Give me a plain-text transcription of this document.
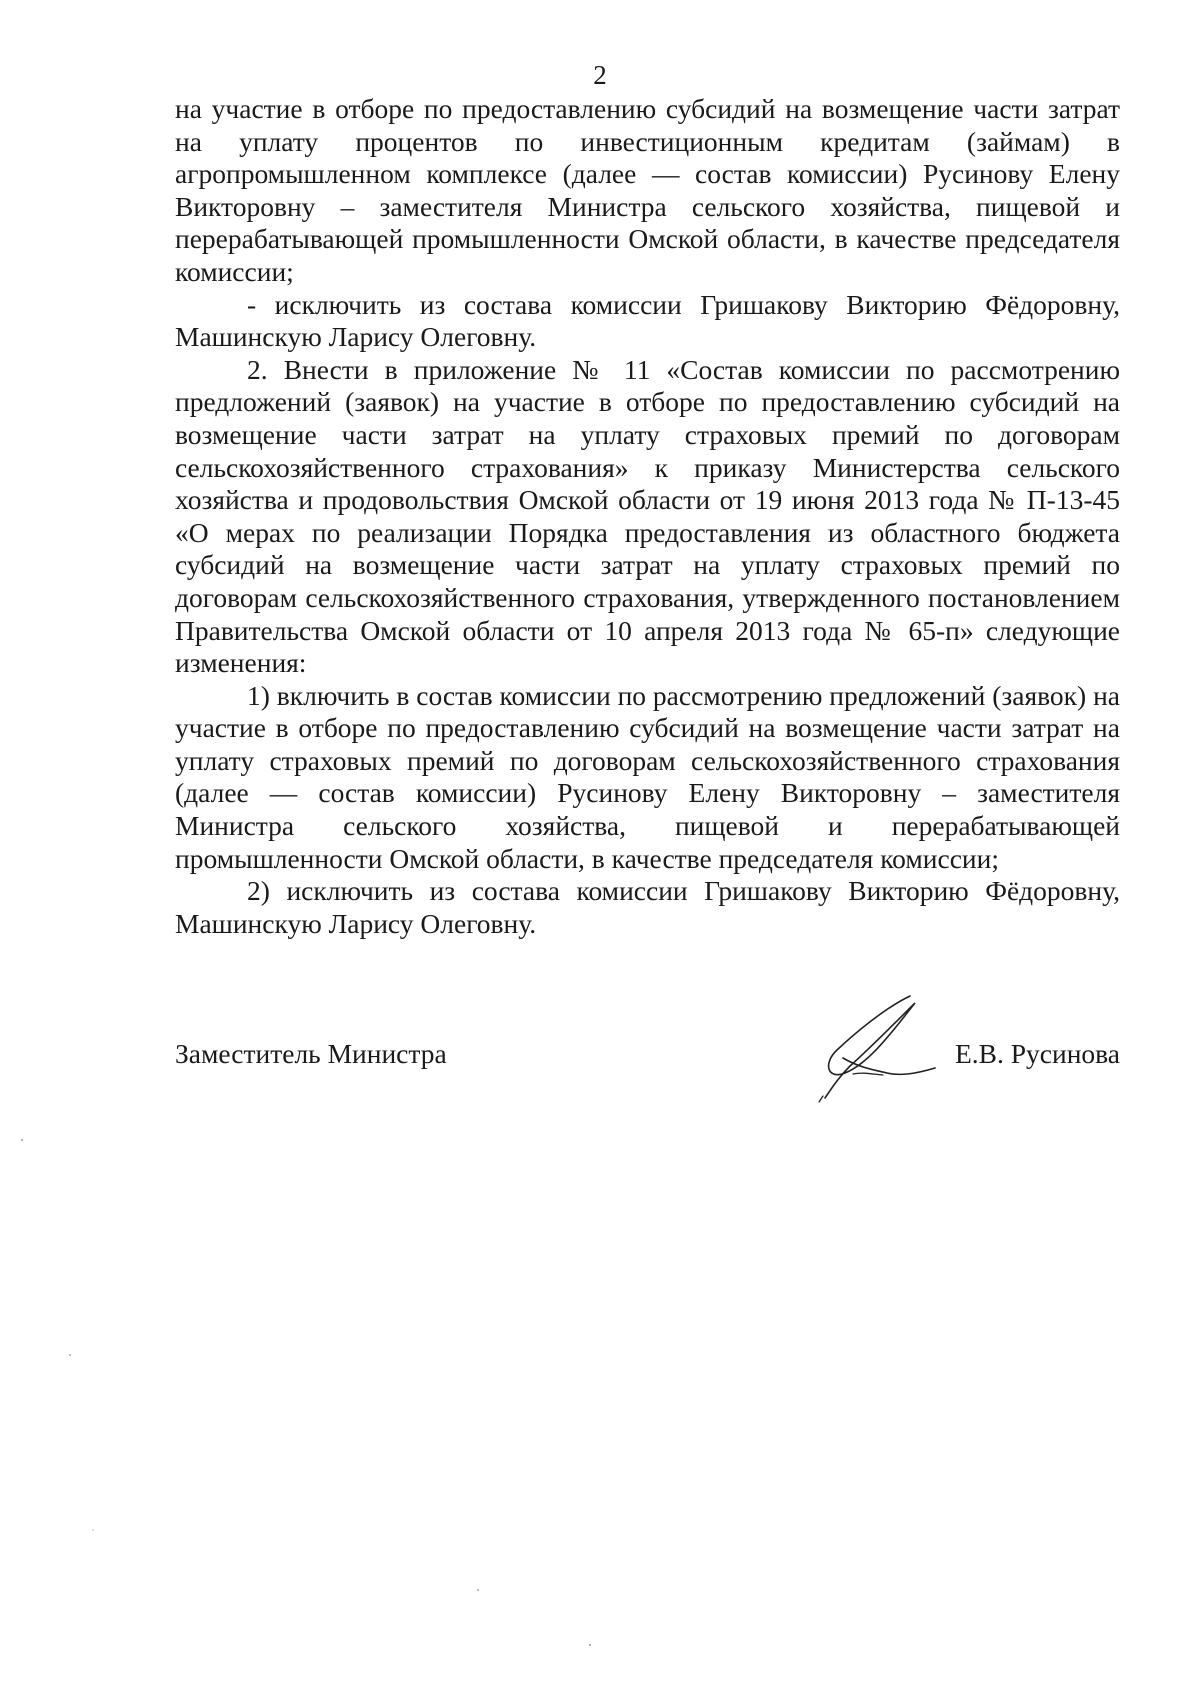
2

на участие в отборе по предоставлению субсидий на возмещение части затрат на уплату процентов по инвестиционным кредитам (займам) в агропромышленном комплексе (далее — состав комиссии) Русинову Елену Викторовну – заместителя Министра сельского хозяйства, пищевой и перерабатывающей промышленности Омской области, в качестве председателя комиссии;

- исключить из состава комиссии Гришакову Викторию Фёдоровну, Машинскую Ларису Олеговну.

2. Внести в приложение № 11 «Состав комиссии по рассмотрению предложений (заявок) на участие в отборе по предоставлению субсидий на возмещение части затрат на уплату страховых премий по договорам сельскохозяйственного страхования» к приказу Министерства сельского хозяйства и продовольствия Омской области от 19 июня 2013 года № П-13-45 «О мерах по реализации Порядка предоставления из областного бюджета субсидий на возмещение части затрат на уплату страховых премий по договорам сельскохозяйственного страхования, утвержденного постановлением Правительства Омской области от 10 апреля 2013 года № 65-п» следующие изменения:

1) включить в состав комиссии по рассмотрению предложений (заявок) на участие в отборе по предоставлению субсидий на возмещение части затрат на уплату страховых премий по договорам сельскохозяйственного страхования (далее — состав комиссии) Русинову Елену Викторовну – заместителя Министра сельского хозяйства, пищевой и перерабатывающей промышленности Омской области, в качестве председателя комиссии;

2) исключить из состава комиссии Гришакову Викторию Фёдоровну, Машинскую Ларису Олеговну.

Заместитель Министра	Е.В. Русинова
